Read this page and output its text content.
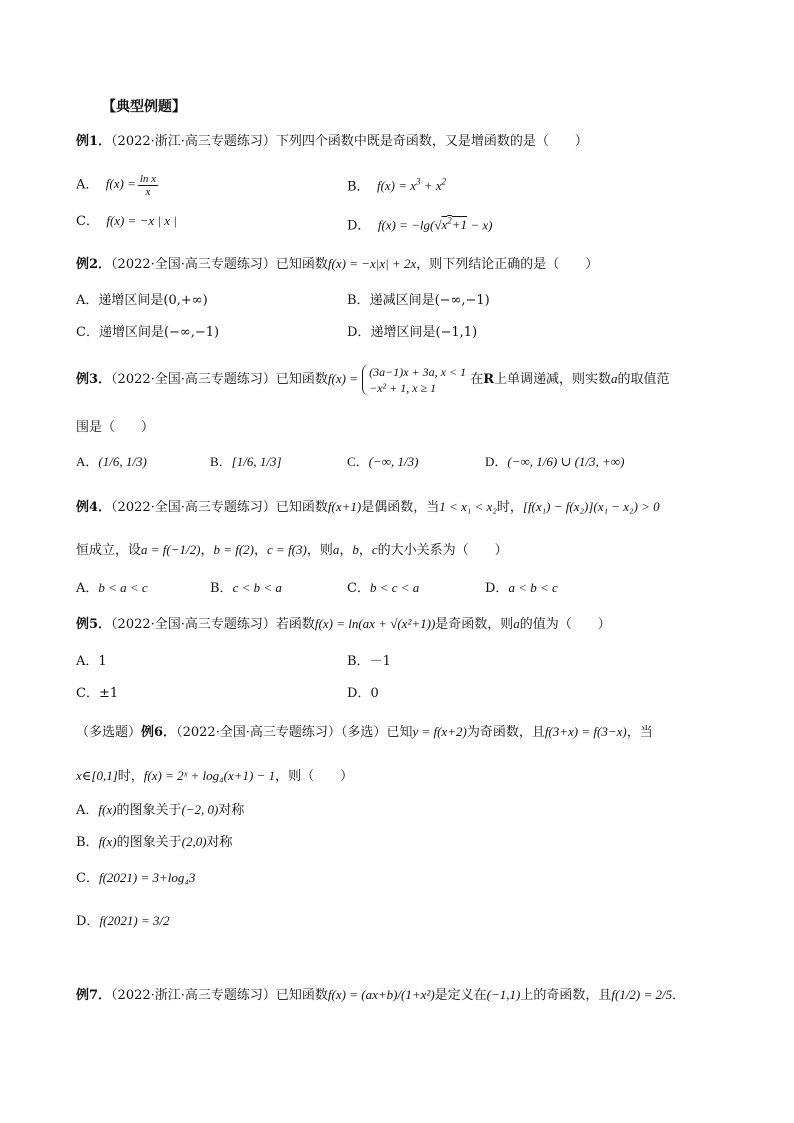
【典型例题】
例1．（2022·浙江·高三专题练习）下列四个函数中既是奇函数，又是增函数的是（　　）
A．  $f(x) = \frac{\text{ln x}}{x}$	B．  $f(x) = x^3 + x^2$
C．  f(x) = −x | x |	D．  $f(x) = -\lg(√x^2+1 - x)$
例2．（2022·全国·高三专题练习）已知函数f(x) = −x|x| + 2x，则下列结论正确的是（　　）
A．递增区间是(0,+∞)	B．递减区间是(−∞,−1)
C．递增区间是(−∞,−1)	D．递增区间是(−1,1)
例3．（2022·全国·高三专题练习）已知函数f(x) = (3a−1)x + 3a, x < 1
−x² + 1, x ≥ 1
在R上单调递减，则实数a的取值范
围是（　　）
A．(1/6, 1/3)	B．[1/6, 1/3]	C．(−∞, 1/3)	D．(−∞, 1/6) ∪ (1/3, +∞)
例4．（2022·全国·高三专题练习）已知函数f(x+1)是偶函数，当1 < x₁ < x₂时，[f(x₁) − f(x₂)](x₁ − x₂) > 0
恒成立，设a = f(−1/2)，b = f(2)，c = f(3)，则a，b，c的大小关系为（　　）
A．b < a < c	B．c < b < a	C．b < c < a	D．a < b < c
例5．（2022·全国·高三专题练习）若函数f(x) = ln(ax + √(x²+1))是奇函数，则a的值为（　　）
A．1	B．－1
C．±1	D．0
（多选题）例6．（2022·全国·高三专题练习）（多选）已知y = f(x+2)为奇函数，且f(3+x) = f(3−x)，当
x∈[0,1]时，f(x) = 2ˣ + log₄(x+1) − 1，则（　　）
A．f(x)的图象关于(−2, 0)对称
B．f(x)的图象关于(2,0)对称
C．f(2021) = 3+log₄3
D．f(2021) = 3/2
例7．（2022·浙江·高三专题练习）已知函数f(x) = (ax+b)/(1+x²)是定义在(−1,1)上的奇函数，且f(1/2) = 2/5．
